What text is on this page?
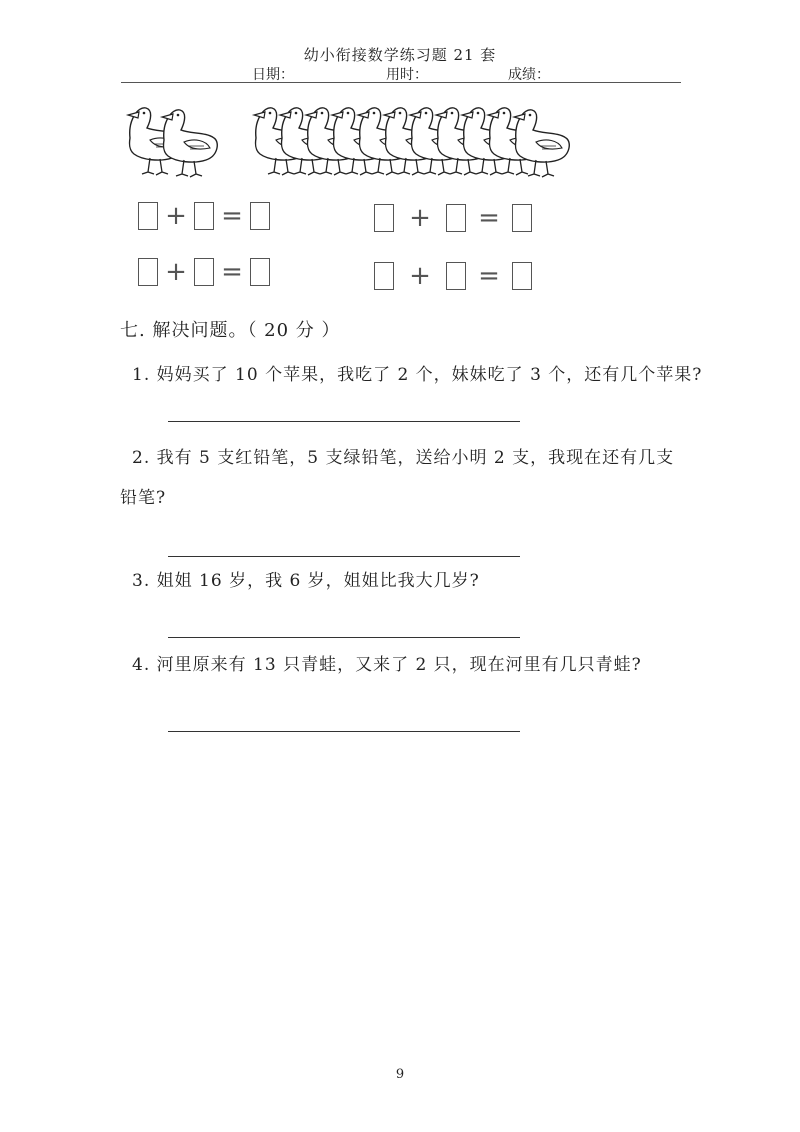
幼小衔接数学练习题 21 套
日期：	用时：	成绩：
+ =	+ =
+ =	+ =
七. 解决问题。（ 20 分 ）
1. 妈妈买了 10 个苹果，我吃了 2 个，妹妹吃了 3 个，还有几个苹果?
2. 我有 5 支红铅笔，5 支绿铅笔，送给小明 2 支，我现在还有几支
铅笔?
3. 姐姐 16 岁，我 6 岁，姐姐比我大几岁?
4. 河里原来有 13 只青蛙，又来了 2 只，现在河里有几只青蛙?
9
